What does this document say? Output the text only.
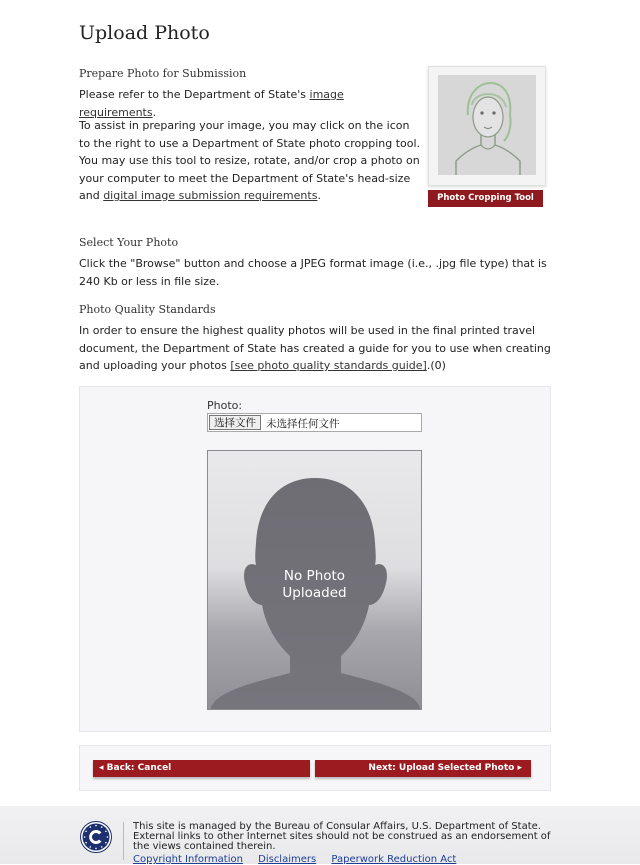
Upload Photo
Prepare Photo for Submission
Please refer to the Department of State's image requirements.
To assist in preparing your image, you may click on the icon to the right to use a Department of State photo cropping tool. You may use this tool to resize, rotate, and/or crop a photo on your computer to meet the Department of State's head-size and digital image submission requirements.	Photo Cropping Tool
Select Your Photo
Click the "Browse" button and choose a JPEG format image (i.e., .jpg file type) that is 240 Kb or less in file size.
Photo Quality Standards
In order to ensure the highest quality photos will be used in the final printed travel document, the Department of State has created a guide for you to use when creating and uploading your photos [see photo quality standards guide].(0)
Photo:
选择文件 未选择任何文件
No Photo
Uploaded
◂ Back: Cancel	Next: Upload Selected Photo ▸
This site is managed by the Bureau of Consular Affairs, U.S. Department of State. External links to other Internet sites should not be construed as an endorsement of the views contained therein.
Copyright Information Disclaimers Paperwork Reduction Act
